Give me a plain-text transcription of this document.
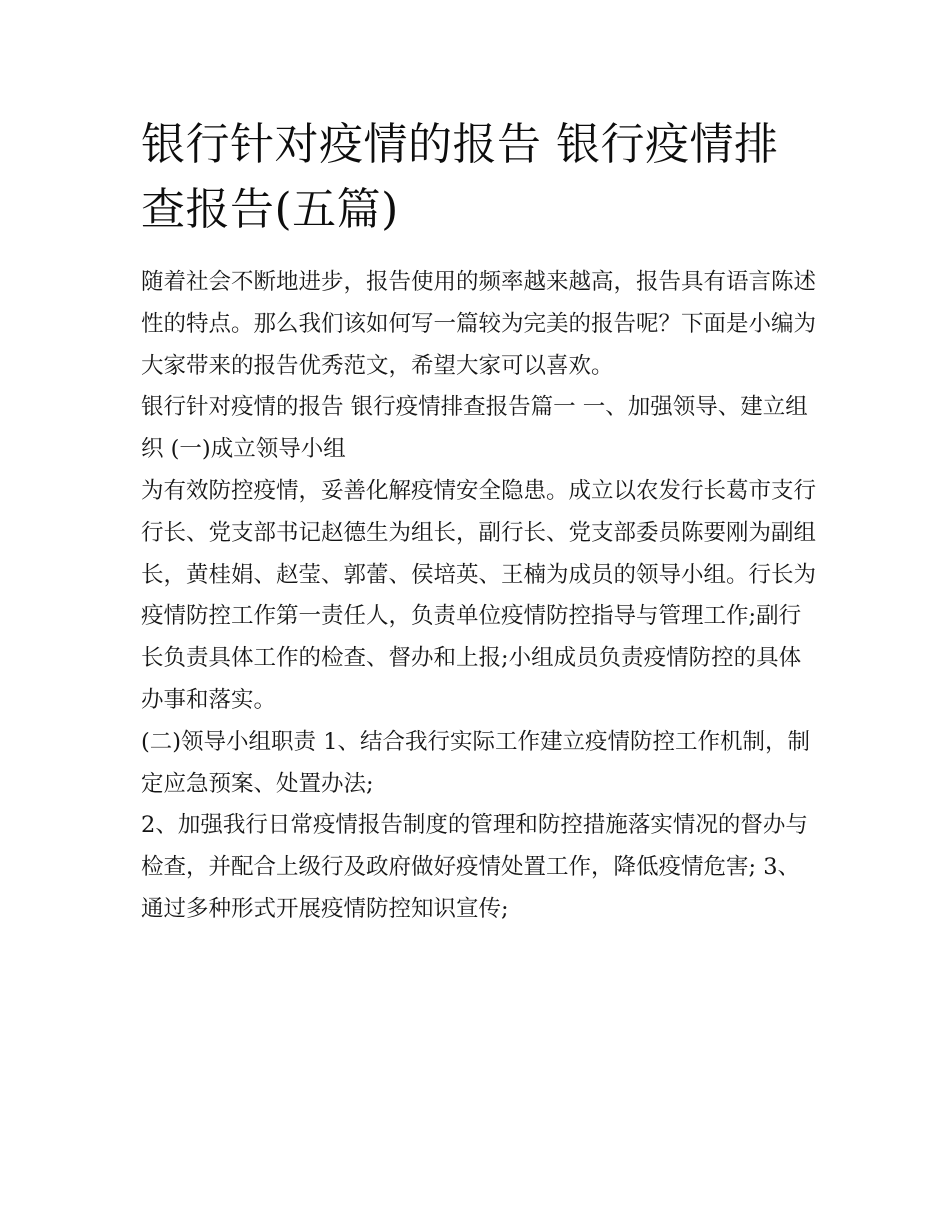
银行针对疫情的报告 银行疫情排查报告(五篇)

随着社会不断地进步，报告使用的频率越来越高，报告具有语言陈述性的特点。那么我们该如何写一篇较为完美的报告呢？下面是小编为大家带来的报告优秀范文，希望大家可以喜欢。

银行针对疫情的报告 银行疫情排查报告篇一 一、加强领导、建立组织 (一)成立领导小组

为有效防控疫情，妥善化解疫情安全隐患。成立以农发行长葛市支行行长、党支部书记赵德生为组长，副行长、党支部委员陈要刚为副组长，黄桂娟、赵莹、郭蕾、侯培英、王楠为成员的领导小组。行长为疫情防控工作第一责任人，负责单位疫情防控指导与管理工作;副行长负责具体工作的检查、督办和上报;小组成员负责疫情防控的具体办事和落实。

(二)领导小组职责 1、结合我行实际工作建立疫情防控工作机制，制定应急预案、处置办法;

2、加强我行日常疫情报告制度的管理和防控措施落实情况的督办与检查，并配合上级行及政府做好疫情处置工作，降低疫情危害; 3、通过多种形式开展疫情防控知识宣传;
